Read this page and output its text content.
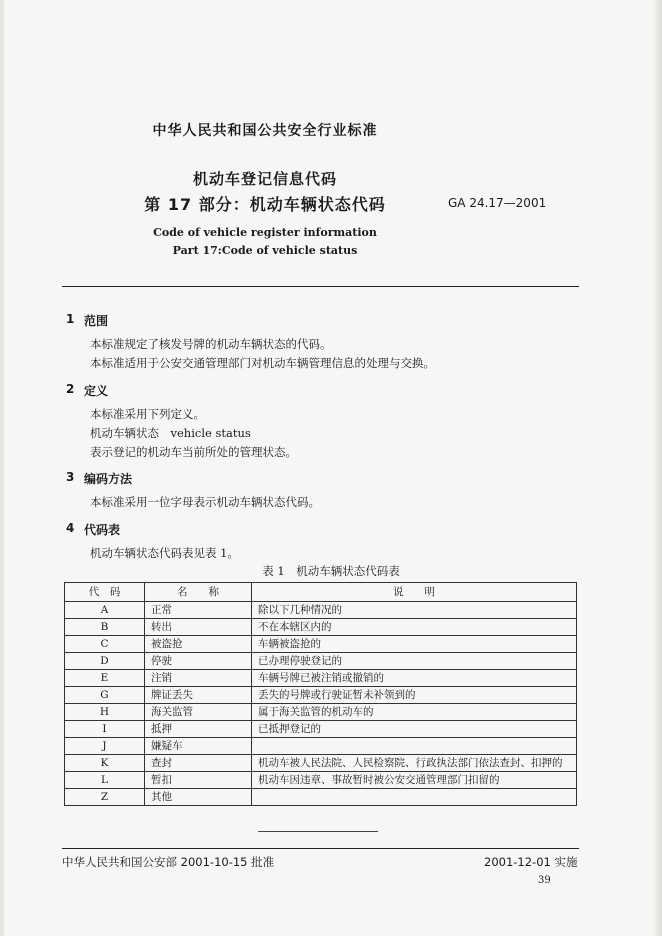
中华人民共和国公共安全行业标准
机动车登记信息代码
第 17 部分：机动车辆状态代码	GA 24.17—2001
Code of vehicle register information
Part 17:Code of vehicle status
1 范围
本标准规定了核发号牌的机动车辆状态的代码。
本标准适用于公安交通管理部门对机动车辆管理信息的处理与交换。
2 定义
本标准采用下列定义。
机动车辆状态　vehicle status
表示登记的机动车当前所处的管理状态。
3 编码方法
本标准采用一位字母表示机动车辆状态代码。
4 代码表
机动车辆状态代码表见表 1。
表 1　机动车辆状态代码表
代　码	名　　称	说　　明
A	正常	除以下几种情况的
B	转出	不在本辖区内的
C	被盗抢	车辆被盗抢的
D	停驶	已办理停驶登记的
E	注销	车辆号牌已被注销或撤销的
G	牌证丢失	丢失的号牌或行驶证暂未补领到的
H	海关监管	属于海关监管的机动车的
I	抵押	已抵押登记的
J	嫌疑车	
K	查封	机动车被人民法院、人民检察院、行政执法部门依法查封、扣押的
L	暂扣	机动车因违章、事故暂时被公安交通管理部门扣留的
Z	其他	
中华人民共和国公安部 2001-10-15 批准	2001-12-01 实施
39
